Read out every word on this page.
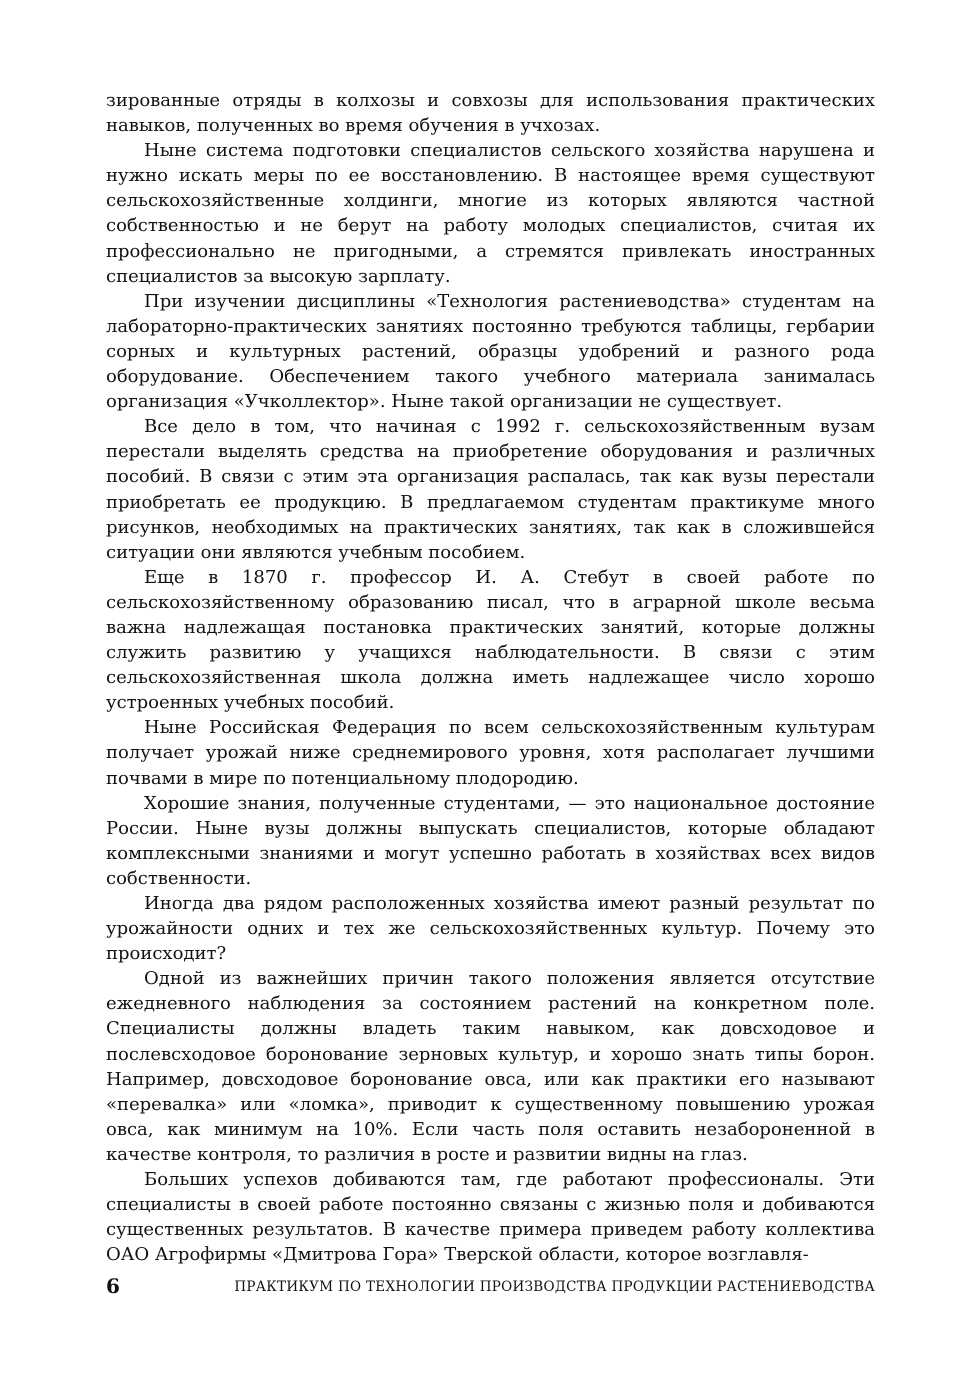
зированные отряды в колхозы и совхозы для использования практических навыков, полученных во время обучения в учхозах.

Ныне система подготовки специалистов сельского хозяйства нарушена и нужно искать меры по ее восстановлению. В настоящее время существуют сельскохозяйственные холдинги, многие из которых являются частной собственностью и не берут на работу молодых специалистов, считая их профессионально не пригодными, а стремятся привлекать иностранных специалистов за высокую зарплату.

При изучении дисциплины «Технология растениеводства» студентам на лабораторно-практических занятиях постоянно требуются таблицы, гербарии сорных и культурных растений, образцы удобрений и разного рода оборудование. Обеспечением такого учебного материала занималась организация «Учколлектор». Ныне такой организации не существует.

Все дело в том, что начиная с 1992 г. сельскохозяйственным вузам перестали выделять средства на приобретение оборудования и различных пособий. В связи с этим эта организация распалась, так как вузы перестали приобретать ее продукцию. В предлагаемом студентам практикуме много рисунков, необходимых на практических занятиях, так как в сложившейся ситуации они являются учебным пособием.

Еще в 1870 г. профессор И. А. Стебут в своей работе по сельскохозяйственному образованию писал, что в аграрной школе весьма важна надлежащая постановка практических занятий, которые должны служить развитию у учащихся наблюдательности. В связи с этим сельскохозяйственная школа должна иметь надлежащее число хорошо устроенных учебных пособий.

Ныне Российская Федерация по всем сельскохозяйственным культурам получает урожай ниже среднемирового уровня, хотя располагает лучшими почвами в мире по потенциальному плодородию.

Хорошие знания, полученные студентами, — это национальное достояние России. Ныне вузы должны выпускать специалистов, которые обладают комплексными знаниями и могут успешно работать в хозяйствах всех видов собственности.

Иногда два рядом расположенных хозяйства имеют разный результат по урожайности одних и тех же сельскохозяйственных культур. Почему это происходит?

Одной из важнейших причин такого положения является отсутствие ежедневного наблюдения за состоянием растений на конкретном поле. Специалисты должны владеть таким навыком, как довсходовое и послевсходовое боронование зерновых культур, и хорошо знать типы борон. Например, довсходовое боронование овса, или как практики его называют «перевалка» или «ломка», приводит к существенному повышению урожая овса, как минимум на 10%. Если часть поля оставить незабороненной в качестве контроля, то различия в росте и развитии видны на глаз.

Больших успехов добиваются там, где работают профессионалы. Эти специалисты в своей работе постоянно связаны с жизнью поля и добиваются существенных результатов. В качестве примера приведем работу коллектива ОАО Агрофирмы «Дмитрова Гора» Тверской области, которое возглавля-

6	ПРАКТИКУМ ПО ТЕХНОЛОГИИ ПРОИЗВОДСТВА ПРОДУКЦИИ РАСТЕНИЕВОДСТВА
